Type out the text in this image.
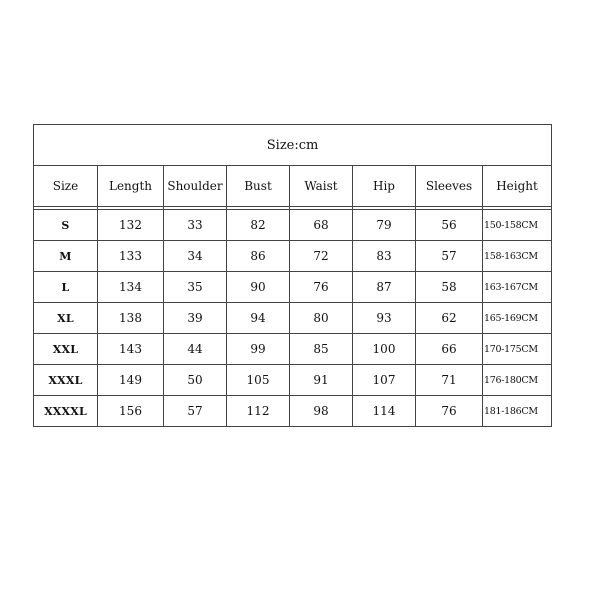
Size:cm							
Size	Length	Shoulder	Bust	Waist	Hip	Sleeves	Height

S	132	33	82	68	79	56	150-158CM
M	133	34	86	72	83	57	158-163CM
L	134	35	90	76	87	58	163-167CM
XL	138	39	94	80	93	62	165-169CM
XXL	143	44	99	85	100	66	170-175CM
XXXL	149	50	105	91	107	71	176-180CM
XXXXL	156	57	112	98	114	76	181-186CM
